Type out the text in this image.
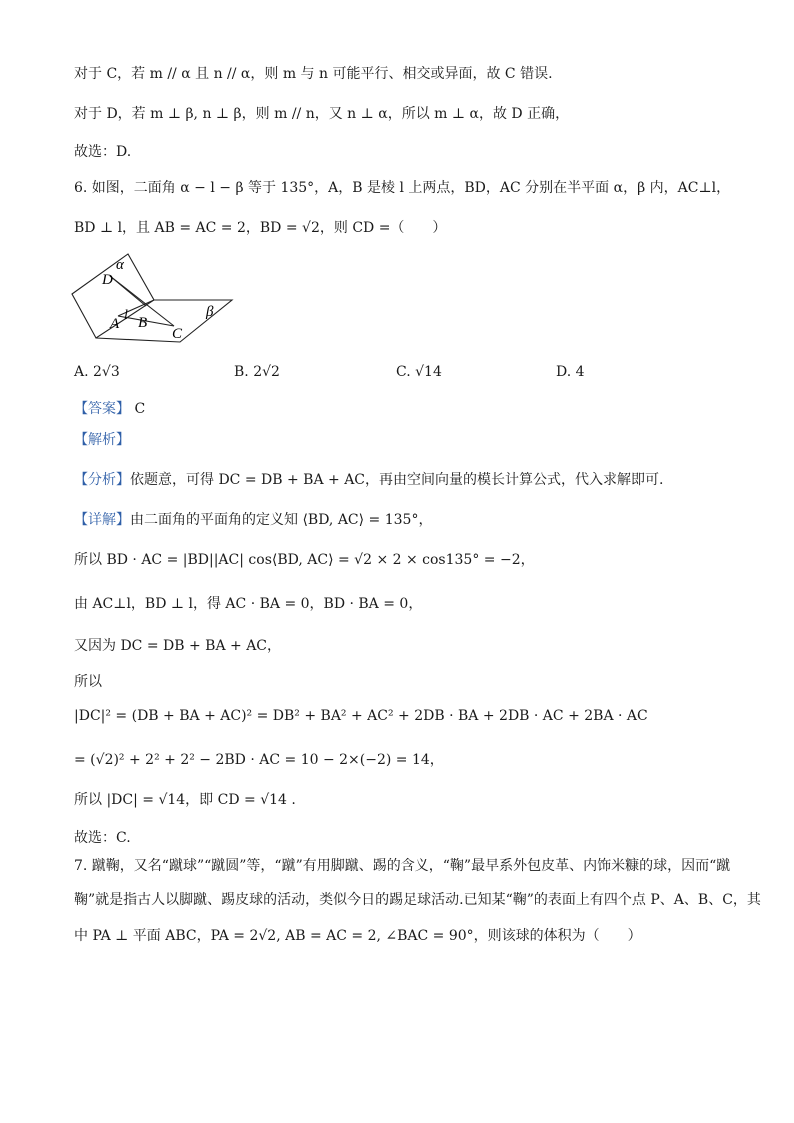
对于 C，若 m // α 且 n // α，则 m 与 n 可能平行、相交或异面，故 C 错误.
对于 D，若 m ⊥ β, n ⊥ β，则 m // n，又 n ⊥ α，所以 m ⊥ α，故 D 正确，
故选：D.
6. 如图，二面角 α − l − β 等于 135°，A，B 是棱 l 上两点，BD，AC 分别在半平面 α，β 内，AC⊥l，
BD ⊥ l，且 AB = AC = 2，BD = √2，则 CD =（　　）
α
D
l
A B
C
β
A. 2√3	B. 2√2	C. √14	D. 4
【答案】 C
【解析】
【分析】依题意，可得 DC = DB + BA + AC，再由空间向量的模长计算公式，代入求解即可.
【详解】由二面角的平面角的定义知 ⟨BD, AC⟩ = 135°，
所以 BD · AC = |BD||AC| cos⟨BD, AC⟩ = √2 × 2 × cos135° = −2，
由 AC⊥l，BD ⊥ l，得 AC · BA = 0，BD · BA = 0，
又因为 DC = DB + BA + AC，
所以
|DC|² = (DB + BA + AC)² = DB² + BA² + AC² + 2DB · BA + 2DB · AC + 2BA · AC
= (√2)² + 2² + 2² − 2BD · AC = 10 − 2×(−2) = 14，
所以 |DC| = √14，即 CD = √14 .
故选：C.
7. 蹴鞠，又名“蹴球”“蹴圆”等，“蹴”有用脚蹴、踢的含义，“鞠”最早系外包皮革、内饰米糠的球，因而“蹴
鞠”就是指古人以脚蹴、踢皮球的活动，类似今日的踢足球活动.已知某“鞠”的表面上有四个点 P、A、B、C，其
中 PA ⊥ 平面 ABC，PA = 2√2, AB = AC = 2, ∠BAC = 90°，则该球的体积为（　　）
